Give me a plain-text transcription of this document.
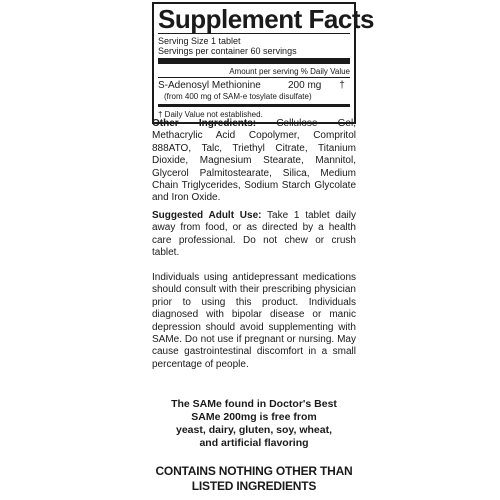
Supplement Facts
Serving Size 1 tablet
Servings per container 60 servings
Amount per serving % Daily Value
S-Adenosyl Methionine	200 mg	†
(from 400 mg of SAM-e tosylate disulfate)
† Daily Value not established.

Other Ingredients: Cellulose Gel, Methacrylic Acid Copolymer, Compritol 888ATO, Talc, Triethyl Citrate, Titanium Dioxide, Magnesium Stearate, Mannitol, Glycerol Palmitostearate, Silica, Medium Chain Triglycerides, Sodium Starch Glycolate and Iron Oxide.

Suggested Adult Use: Take 1 tablet daily away from food, or as directed by a health care professional. Do not chew or crush tablet.

Individuals using antidepressant medications should consult with their prescribing physician prior to using this product. Individuals diagnosed with bipolar disease or manic depression should avoid supplementing with SAMe. Do not use if pregnant or nursing. May cause gastrointestinal discomfort in a small percentage of people.

The SAMe found in Doctor's Best
SAMe 200mg is free from
yeast, dairy, gluten, soy, wheat,
and artificial flavoring
CONTAINS NOTHING OTHER THAN
LISTED INGREDIENTS
